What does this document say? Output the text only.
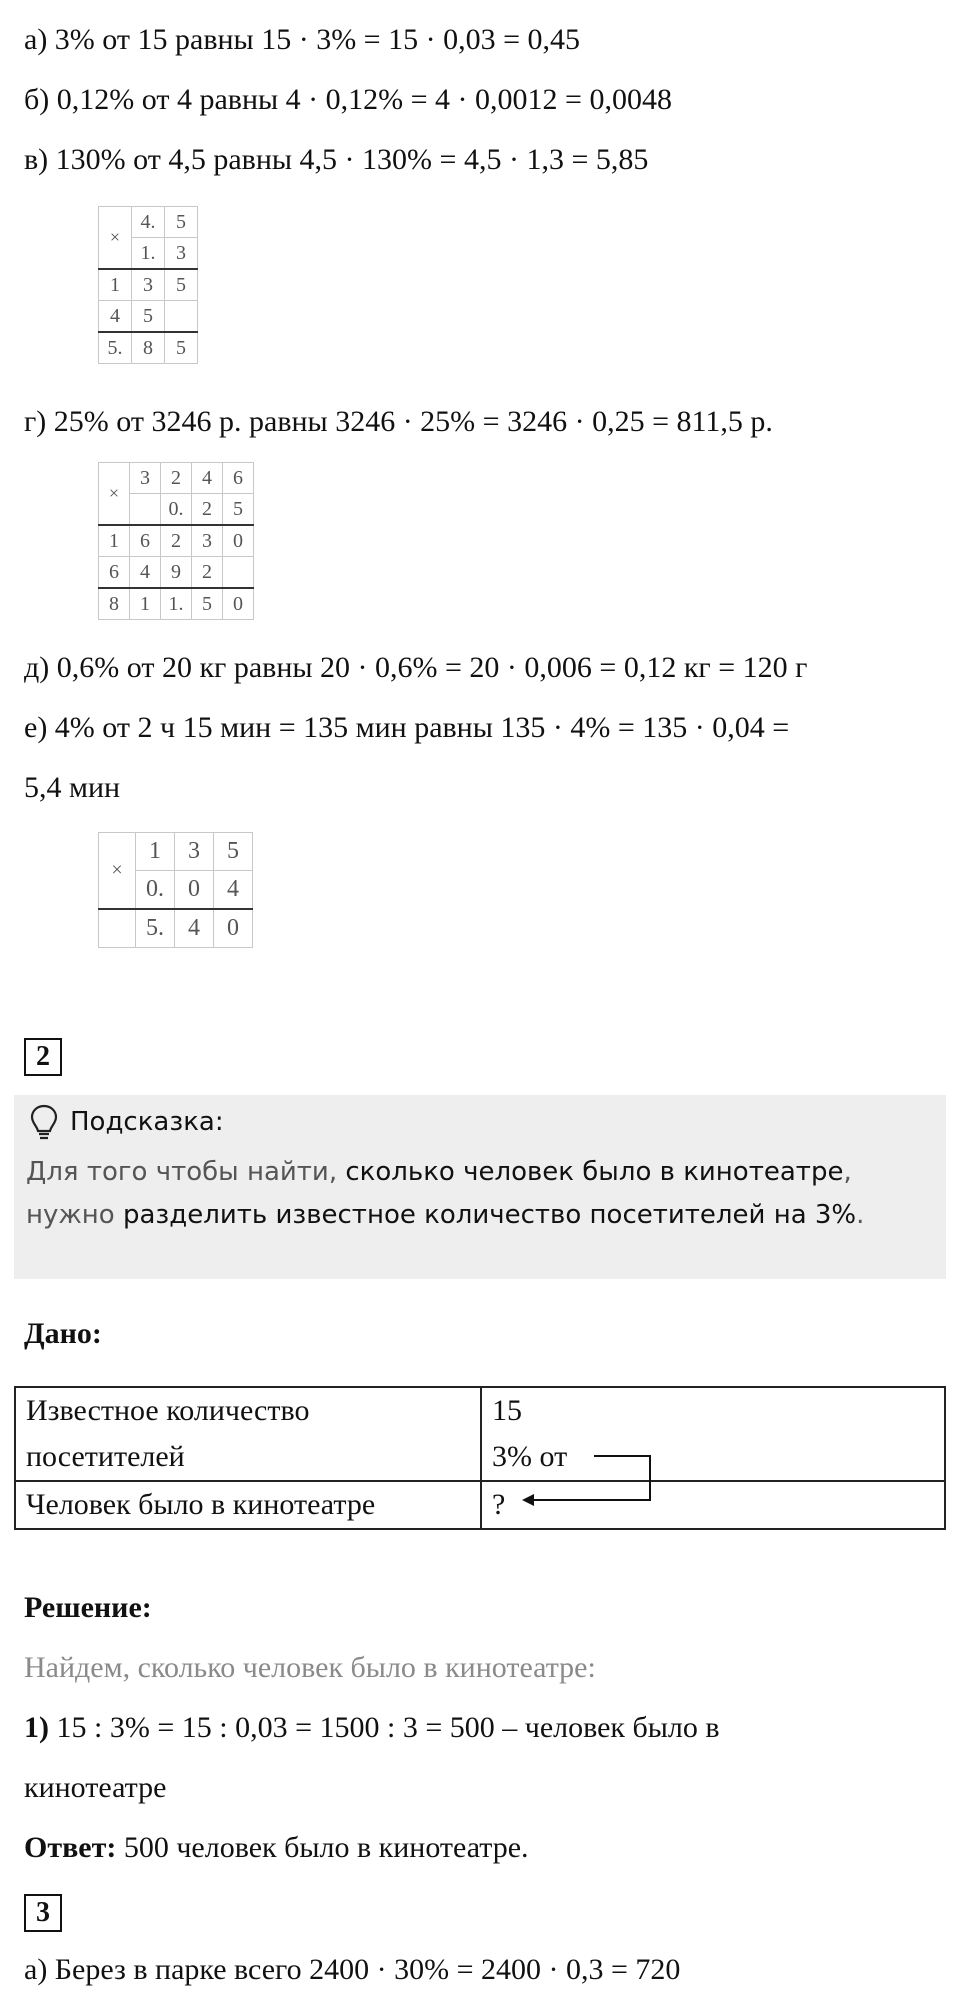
а) 3% от 15 равны 15 · 3% = 15 · 0,03 = 0,45
б) 0,12% от 4 равны 4 · 0,12% = 4 · 0,0012 = 0,0048
в) 130% от 4,5 равны 4,5 · 130% = 4,5 · 1,3 = 5,85
×	4.	5
	1.	3
1	3	5
4	5	
5.	8	5
г) 25% от 3246 р. равны 3246 · 25% = 3246 · 0,25 = 811,5 р.
×	3	2	4	6
		0.	2	5
1	6	2	3	0
6	4	9	2	
8	1	1.	5	0
д) 0,6% от 20 кг равны 20 · 0,6% = 20 · 0,006 = 0,12 кг = 120 г
е) 4% от 2 ч 15 мин = 135 мин равны 135 · 4% = 135 · 0,04 =
5,4 мин
×	1	3	5
	0.	0	4
	5.	4	0
2
Подсказка:
Для того чтобы найти, сколько человек было в кинотеатре,
нужно разделить известное количество посетителей на 3%.
Дано:
Известное количество посетителей	15
3% от

Человек было в кинотеатре	?
Решение:
Найдем, сколько человек было в кинотеатре:
1) 15 : 3% = 15 : 0,03 = 1500 : 3 = 500 – человек было в
кинотеатре
Ответ: 500 человек было в кинотеатре.
3
а) Берез в парке всего 2400 · 30% = 2400 · 0,3 = 720
